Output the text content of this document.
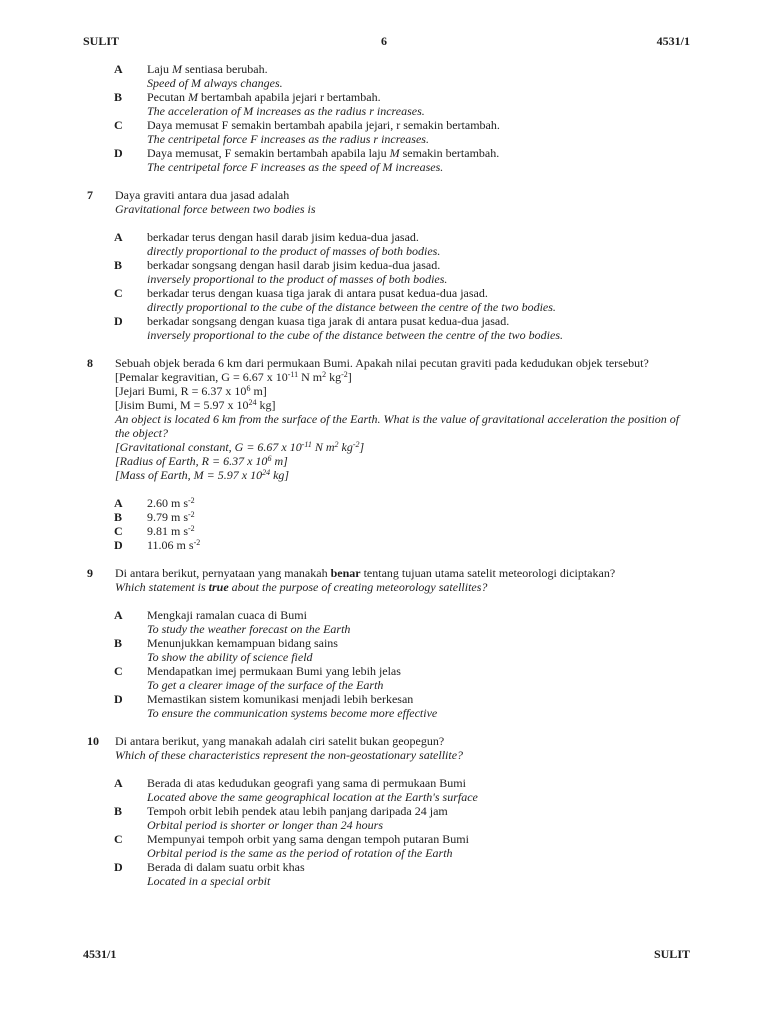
SULIT	6	4531/1
A Laju M sentiasa berubah.
Speed of M always changes.
B Pecutan M bertambah apabila jejari r bertambah.
The acceleration of M increases as the radius r increases.
C Daya memusat F semakin bertambah apabila jejari, r semakin bertambah.
The centripetal force F increases as the radius r increases.
D Daya memusat, F semakin bertambah apabila laju M semakin bertambah.
The centripetal force F increases as the speed of M increases.
7 Daya graviti antara dua jasad adalah
Gravitational force between two bodies is
A berkadar terus dengan hasil darab jisim kedua-dua jasad.
directly proportional to the product of masses of both bodies.
B berkadar songsang dengan hasil darab jisim kedua-dua jasad.
inversely proportional to the product of masses of both bodies.
C berkadar terus dengan kuasa tiga jarak di antara pusat kedua-dua jasad.
directly proportional to the cube of the distance between the centre of the two bodies.
D berkadar songsang dengan kuasa tiga jarak di antara pusat kedua-dua jasad.
inversely proportional to the cube of the distance between the centre of the two bodies.
8 Sebuah objek berada 6 km dari permukaan Bumi. Apakah nilai pecutan graviti pada kedudukan objek tersebut?
[Pemalar kegravitian, G = 6.67 x $10^{-11}$ N $m^2$ $kg^{-2}$]
[Jejari Bumi, R = 6.37 x $10^6$ m]
[Jisim Bumi, M = 5.97 x $10^{24}$ kg]
An object is located 6 km from the surface of the Earth. What is the value of gravitational acceleration the position of the object?
[Gravitational constant, G = 6.67 x $10^{-11}$ N $m^2$ $kg^{-2}$]
[Radius of Earth, R = 6.37 x $10^6$ m]
[Mass of Earth, M = 5.97 x $10^{24}$ kg]
A 2.60 m $s^{-2}$
B 9.79 m $s^{-2}$
C 9.81 m $s^{-2}$
D 11.06 m $s^{-2}$
9 Di antara berikut, pernyataan yang manakah benar tentang tujuan utama satelit meteorologi diciptakan?
Which statement is true about the purpose of creating meteorology satellites?
A Mengkaji ramalan cuaca di Bumi
To study the weather forecast on the Earth
B Menunjukkan kemampuan bidang sains
To show the ability of science field
C Mendapatkan imej permukaan Bumi yang lebih jelas
To get a clearer image of the surface of the Earth
D Memastikan sistem komunikasi menjadi lebih berkesan
To ensure the communication systems become more effective
10 Di antara berikut, yang manakah adalah ciri satelit bukan geopegun?
Which of these characteristics represent the non-geostationary satellite?
A Berada di atas kedudukan geografi yang sama di permukaan Bumi
Located above the same geographical location at the Earth's surface
B Tempoh orbit lebih pendek atau lebih panjang daripada 24 jam
Orbital period is shorter or longer than 24 hours
C Mempunyai tempoh orbit yang sama dengan tempoh putaran Bumi
Orbital period is the same as the period of rotation of the Earth
D Berada di dalam suatu orbit khas
Located in a special orbit
4531/1	SULIT
